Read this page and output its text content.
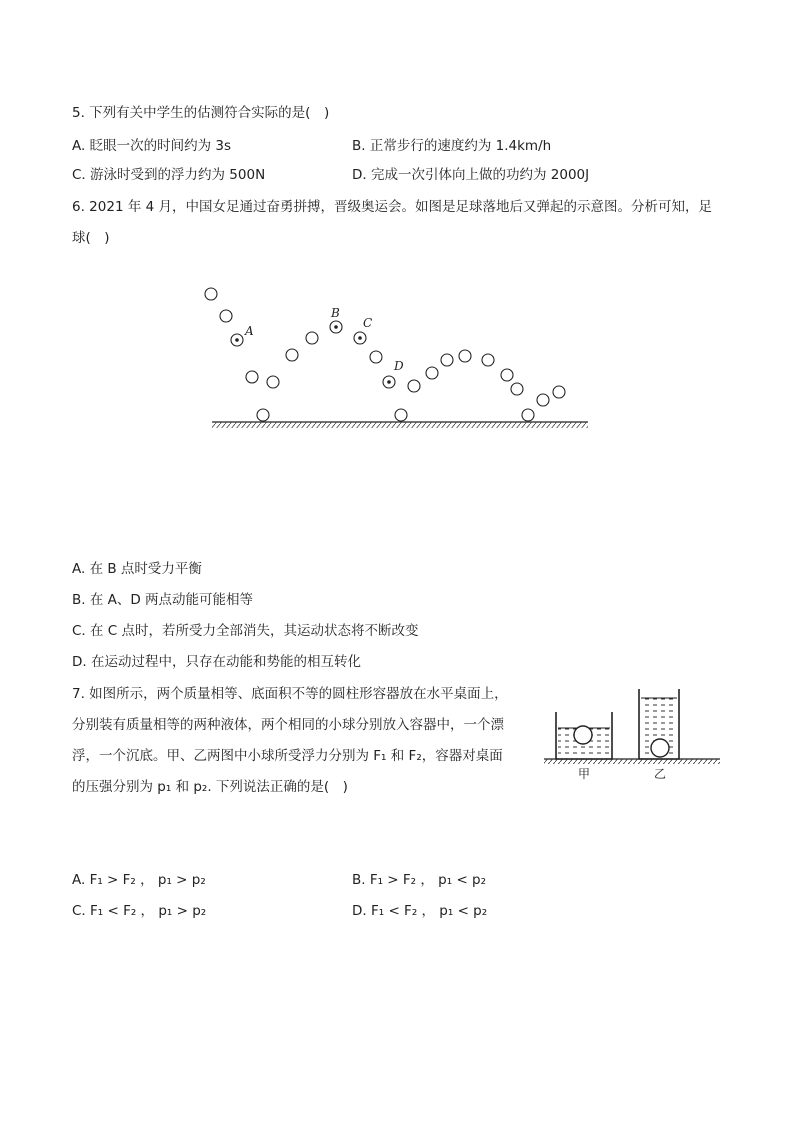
5. 下列有关中学生的估测符合实际的是(　)
A. 眨眼一次的时间约为 3s	B. 正常步行的速度约为 1.4km/h
C. 游泳时受到的浮力约为 500N	D. 完成一次引体向上做的功约为 2000J
6. 2021 年 4 月，中国女足通过奋勇拼搏，晋级奥运会。如图是足球落地后又弹起的示意图。分析可知，足
球(　)
A
B
C
D
A. 在 B 点时受力平衡
B. 在 A、D 两点动能可能相等
C. 在 C 点时，若所受力全部消失，其运动状态将不断改变
D. 在运动过程中，只存在动能和势能的相互转化
7. 如图所示，两个质量相等、底面积不等的圆柱形容器放在水平桌面上，
分别装有质量相等的两种液体，两个相同的小球分别放入容器中，一个漂
浮，一个沉底。甲、乙两图中小球所受浮力分别为 F₁ 和 F₂，容器对桌面
的压强分别为 p₁ 和 p₂. 下列说法正确的是(　)
甲	乙
A. F₁ > F₂ ， p₁ > p₂	B. F₁ > F₂ ， p₁ < p₂
C. F₁ < F₂ ， p₁ > p₂	D. F₁ < F₂ ， p₁ < p₂
